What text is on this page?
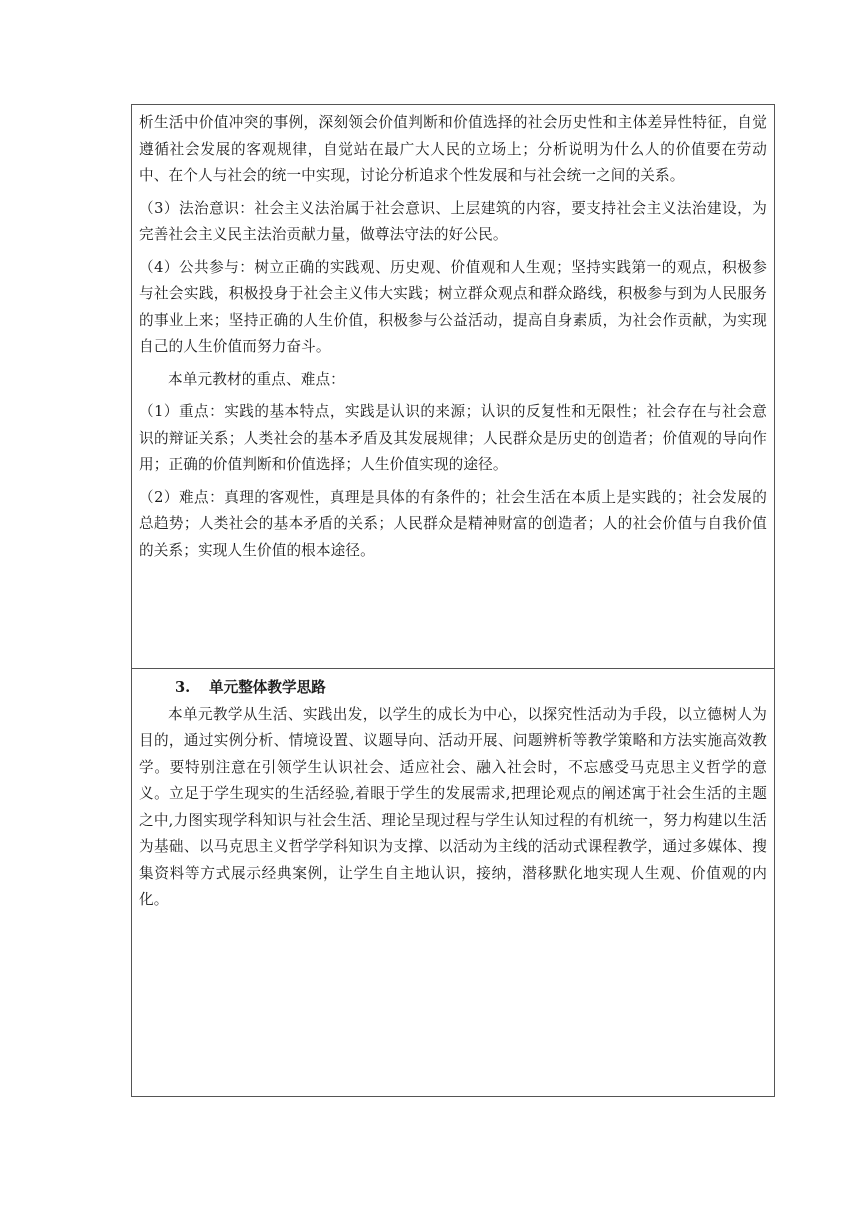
析生活中价值冲突的事例，深刻领会价值判断和价值选择的社会历史性和主体差异性特征，自觉遵循社会发展的客观规律，自觉站在最广大人民的立场上；分析说明为什么人的价值要在劳动中、在个人与社会的统一中实现，讨论分析追求个性发展和与社会统一之间的关系。

（3）法治意识：社会主义法治属于社会意识、上层建筑的内容，要支持社会主义法治建设，为完善社会主义民主法治贡献力量，做尊法守法的好公民。

（4）公共参与：树立正确的实践观、历史观、价值观和人生观；坚持实践第一的观点，积极参与社会实践，积极投身于社会主义伟大实践；树立群众观点和群众路线，积极参与到为人民服务的事业上来；坚持正确的人生价值，积极参与公益活动，提高自身素质，为社会作贡献，为实现自己的人生价值而努力奋斗。

本单元教材的重点、难点：

（1）重点：实践的基本特点，实践是认识的来源；认识的反复性和无限性；社会存在与社会意识的辩证关系；人类社会的基本矛盾及其发展规律；人民群众是历史的创造者；价值观的导向作用；正确的价值判断和价值选择；人生价值实现的途径。

（2）难点：真理的客观性，真理是具体的有条件的；社会生活在本质上是实践的；社会发展的总趋势；人类社会的基本矛盾的关系；人民群众是精神财富的创造者；人的社会价值与自我价值的关系；实现人生价值的根本途径。

3. 单元整体教学思路

本单元教学从生活、实践出发，以学生的成长为中心，以探究性活动为手段，以立德树人为目的，通过实例分析、情境设置、议题导向、活动开展、问题辨析等教学策略和方法实施高效教学。要特别注意在引领学生认识社会、适应社会、融入社会时，不忘感受马克思主义哲学的意义。立足于学生现实的生活经验,着眼于学生的发展需求,把理论观点的阐述寓于社会生活的主题之中,力图实现学科知识与社会生活、理论呈现过程与学生认知过程的有机统一，努力构建以生活为基础、以马克思主义哲学学科知识为支撑、以活动为主线的活动式课程教学，通过多媒体、搜集资料等方式展示经典案例，让学生自主地认识，接纳，潜移默化地实现人生观、价值观的内化。
